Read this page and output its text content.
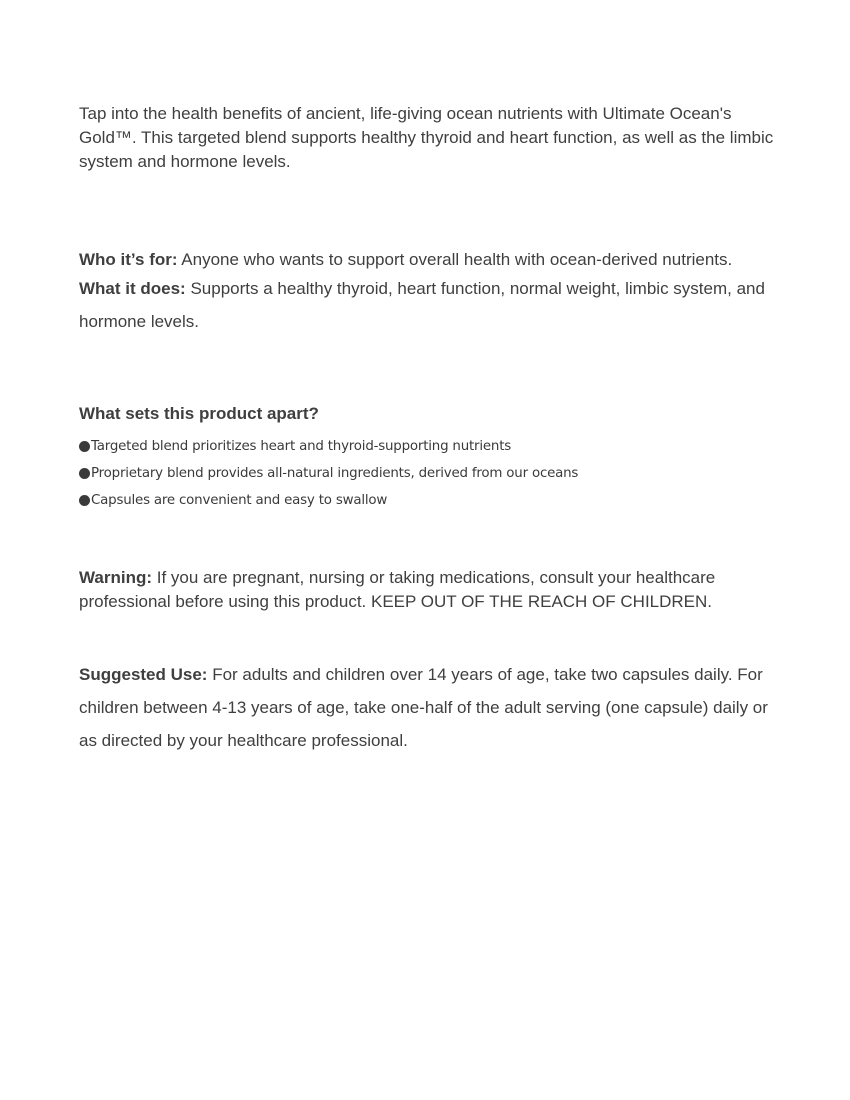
Tap into the health benefits of ancient, life-giving ocean nutrients with Ultimate Ocean's Gold™. This targeted blend supports healthy thyroid and heart function, as well as the limbic system and hormone levels.
Who it’s for: Anyone who wants to support overall health with ocean-derived nutrients.
What it does: Supports a healthy thyroid, heart function, normal weight, limbic system, and hormone levels.
What sets this product apart?
Targeted blend prioritizes heart and thyroid-supporting nutrients
Proprietary blend provides all-natural ingredients, derived from our oceans
Capsules are convenient and easy to swallow
Warning: If you are pregnant, nursing or taking medications, consult your healthcare professional before using this product. KEEP OUT OF THE REACH OF CHILDREN.
Suggested Use: For adults and children over 14 years of age, take two capsules daily. For children between 4-13 years of age, take one-half of the adult serving (one capsule) daily or as directed by your healthcare professional.
